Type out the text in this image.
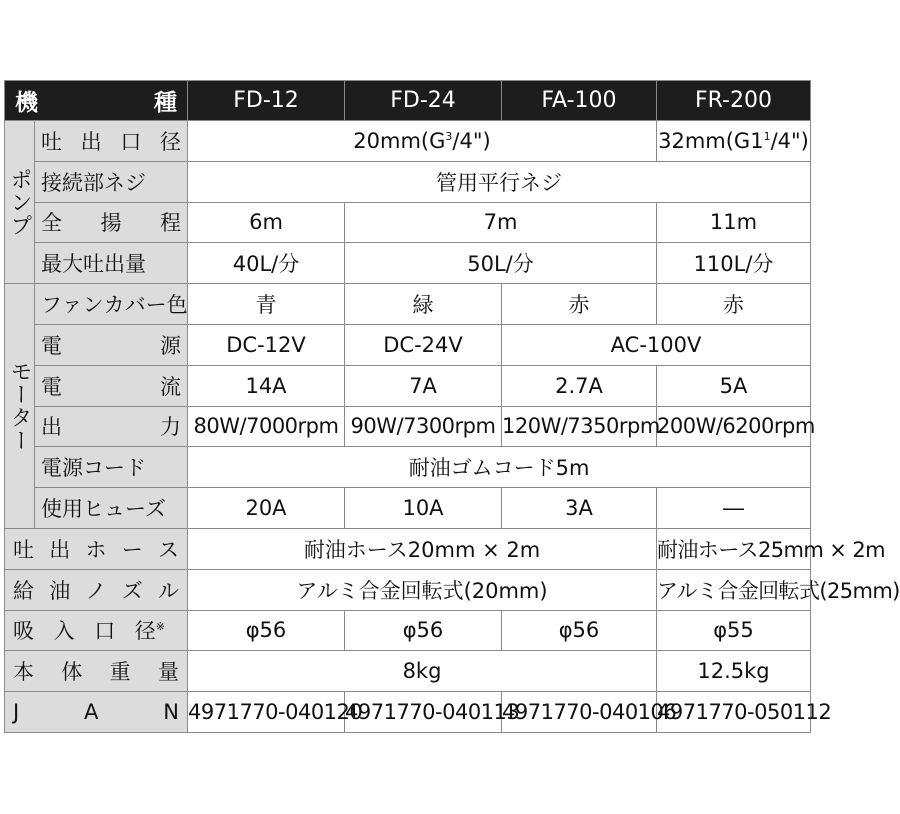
機 種		FD-12	FD-24	FA-100	FR-200
ポンプ	吐 出 口 径	$20mm(G^3/4")$			$32mm(G1^1/4")$
	接続部ネジ	管用平行ネジ			

	全 揚 程	6m	7m		11m
	最大吐出量	40L/分	50L/分		110L/分
モーター	ファンカバー色	青	緑	赤	赤

	電 源	DC-12V	DC-24V	AC-100V	

	電 流	14A	7A	2.7A	5A

	出 力	80W/7000rpm	90W/7300rpm	120W/7350rpm	200W/6200rpm
	電源コード	耐油ゴムコード5m			
	使用ヒューズ	20A	10A	3A	―

吐 出 ホ ー ス		耐油ホース20mm × 2m			耐油ホース25mm × 2m

給 油 ノ ズ ル		アルミ合金回転式(20mm)			アルミ合金回転式(25mm)

吸 入 口 径※		φ56	φ56	φ56	φ55

本 体 重 量		8kg			12.5kg

J A N		4971770-040120	4971770-040113	4971770-040106	4971770-050112
